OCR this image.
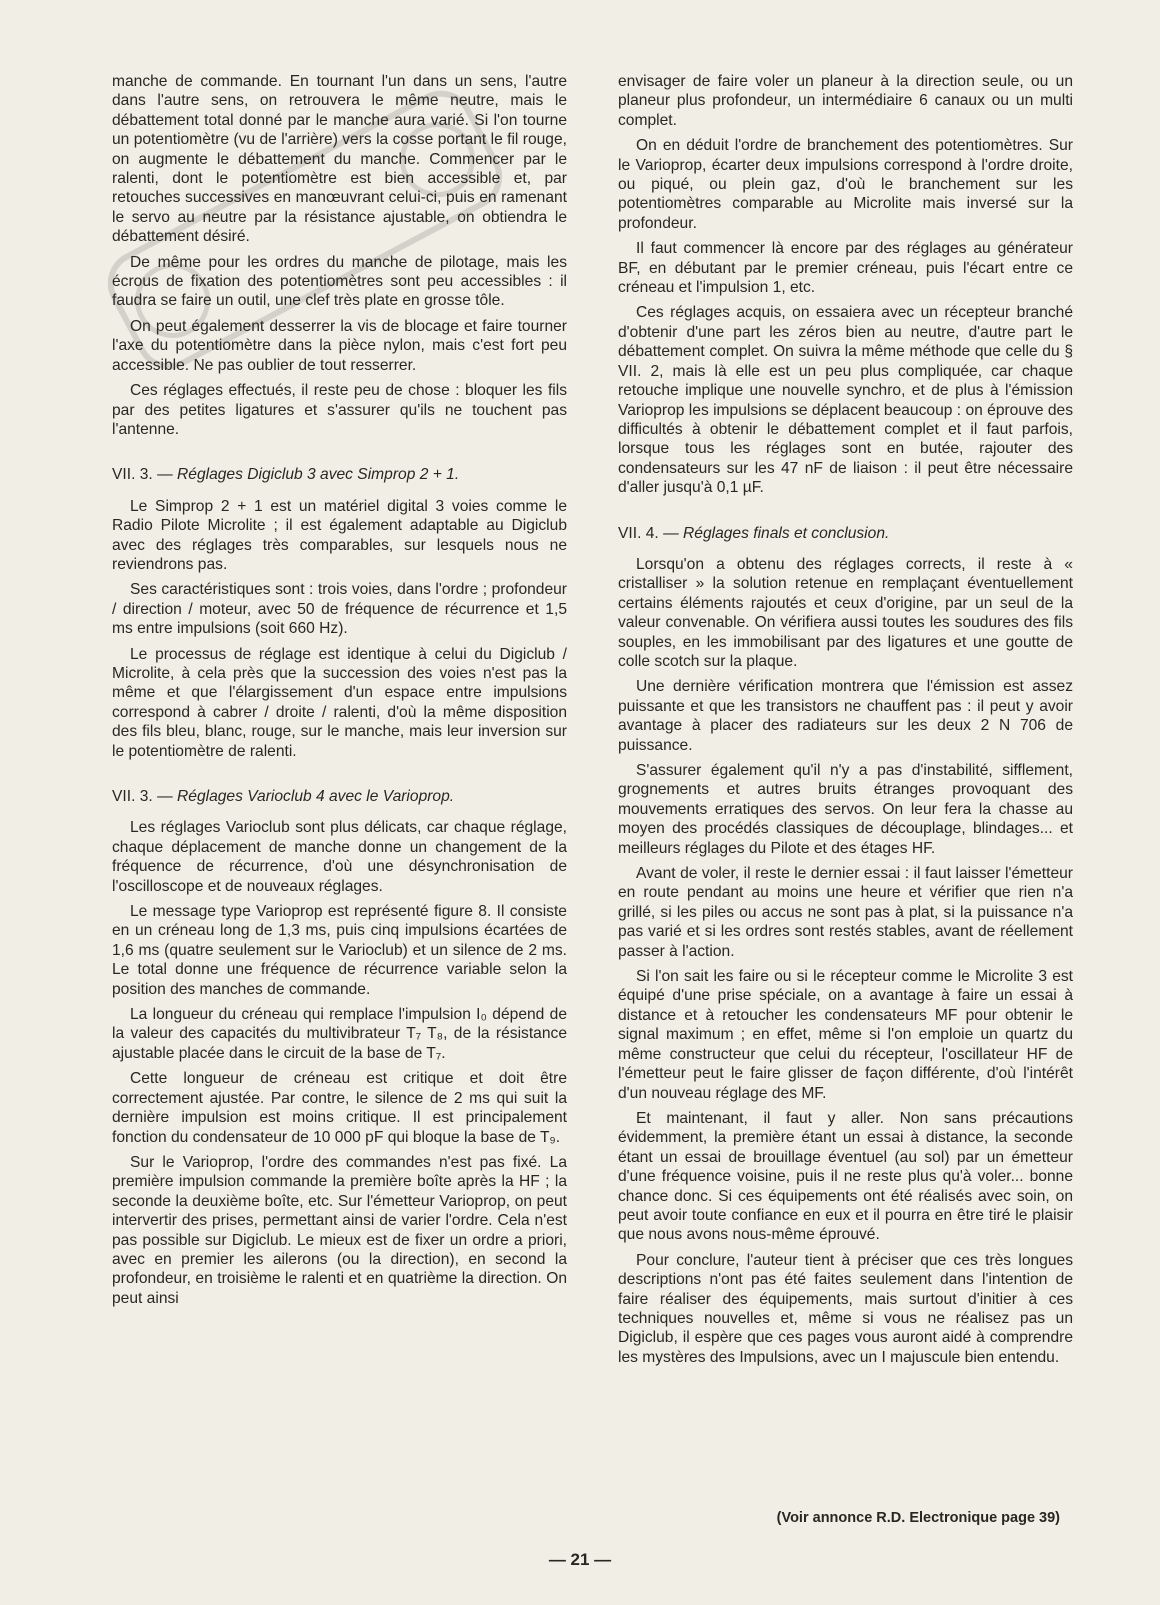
manche de commande. En tournant l'un dans un sens, l'autre dans l'autre sens, on retrouvera le même neutre, mais le débattement total donné par le manche aura varié. Si l'on tourne un potentiomètre (vu de l'arrière) vers la cosse portant le fil rouge, on augmente le débattement du manche. Commencer par le ralenti, dont le potentiomètre est bien accessible et, par retouches successives en manœuvrant celui-ci, puis en ramenant le servo au neutre par la résistance ajustable, on obtiendra le débattement désiré.

De même pour les ordres du manche de pilotage, mais les écrous de fixation des potentiomètres sont peu accessibles : il faudra se faire un outil, une clef très plate en grosse tôle.

On peut également desserrer la vis de blocage et faire tourner l'axe du potentiomètre dans la pièce nylon, mais c'est fort peu accessible. Ne pas oublier de tout resserrer.

Ces réglages effectués, il reste peu de chose : bloquer les fils par des petites ligatures et s'assurer qu'ils ne touchent pas l'antenne.

VII. 3. — Réglages Digiclub 3 avec Simprop 2 + 1.

Le Simprop 2 + 1 est un matériel digital 3 voies comme le Radio Pilote Microlite ; il est également adaptable au Digiclub avec des réglages très comparables, sur lesquels nous ne reviendrons pas.

Ses caractéristiques sont : trois voies, dans l'ordre ; profondeur / direction / moteur, avec 50 de fréquence de récurrence et 1,5 ms entre impulsions (soit 660 Hz).

Le processus de réglage est identique à celui du Digiclub / Microlite, à cela près que la succession des voies n'est pas la même et que l'élargissement d'un espace entre impulsions correspond à cabrer / droite / ralenti, d'où la même disposition des fils bleu, blanc, rouge, sur le manche, mais leur inversion sur le potentiomètre de ralenti.

VII. 3. — Réglages Varioclub 4 avec le Varioprop.

Les réglages Varioclub sont plus délicats, car chaque réglage, chaque déplacement de manche donne un changement de la fréquence de récurrence, d'où une désynchronisation de l'oscilloscope et de nouveaux réglages.

Le message type Varioprop est représenté figure 8. Il consiste en un créneau long de 1,3 ms, puis cinq impulsions écartées de 1,6 ms (quatre seulement sur le Varioclub) et un silence de 2 ms. Le total donne une fréquence de récurrence variable selon la position des manches de commande.

La longueur du créneau qui remplace l'impulsion I₀ dépend de la valeur des capacités du multivibrateur T₇ T₈, de la résistance ajustable placée dans le circuit de la base de T₇.

Cette longueur de créneau est critique et doit être correctement ajustée. Par contre, le silence de 2 ms qui suit la dernière impulsion est moins critique. Il est principalement fonction du condensateur de 10 000 pF qui bloque la base de T₉.

Sur le Varioprop, l'ordre des commandes n'est pas fixé. La première impulsion commande la première boîte après la HF ; la seconde la deuxième boîte, etc. Sur l'émetteur Varioprop, on peut intervertir des prises, permettant ainsi de varier l'ordre. Cela n'est pas possible sur Digiclub. Le mieux est de fixer un ordre a priori, avec en premier les ailerons (ou la direction), en second la profondeur, en troisième le ralenti et en quatrième la direction. On peut ainsi

envisager de faire voler un planeur à la direction seule, ou un planeur plus profondeur, un intermédiaire 6 canaux ou un multi complet.

On en déduit l'ordre de branchement des potentiomètres. Sur le Varioprop, écarter deux impulsions correspond à l'ordre droite, ou piqué, ou plein gaz, d'où le branchement sur les potentiomètres comparable au Microlite mais inversé sur la profondeur.

Il faut commencer là encore par des réglages au générateur BF, en débutant par le premier créneau, puis l'écart entre ce créneau et l'impulsion 1, etc.

Ces réglages acquis, on essaiera avec un récepteur branché d'obtenir d'une part les zéros bien au neutre, d'autre part le débattement complet. On suivra la même méthode que celle du § VII. 2, mais là elle est un peu plus compliquée, car chaque retouche implique une nouvelle synchro, et de plus à l'émission Varioprop les impulsions se déplacent beaucoup : on éprouve des difficultés à obtenir le débattement complet et il faut parfois, lorsque tous les réglages sont en butée, rajouter des condensateurs sur les 47 nF de liaison : il peut être nécessaire d'aller jusqu'à 0,1 µF.

VII. 4. — Réglages finals et conclusion.

Lorsqu'on a obtenu des réglages corrects, il reste à « cristalliser » la solution retenue en remplaçant éventuellement certains éléments rajoutés et ceux d'origine, par un seul de la valeur convenable. On vérifiera aussi toutes les soudures des fils souples, en les immobilisant par des ligatures et une goutte de colle scotch sur la plaque.

Une dernière vérification montrera que l'émission est assez puissante et que les transistors ne chauffent pas : il peut y avoir avantage à placer des radiateurs sur les deux 2 N 706 de puissance.

S'assurer également qu'il n'y a pas d'instabilité, sifflement, grognements et autres bruits étranges provoquant des mouvements erratiques des servos. On leur fera la chasse au moyen des procédés classiques de découplage, blindages... et meilleurs réglages du Pilote et des étages HF.

Avant de voler, il reste le dernier essai : il faut laisser l'émetteur en route pendant au moins une heure et vérifier que rien n'a grillé, si les piles ou accus ne sont pas à plat, si la puissance n'a pas varié et si les ordres sont restés stables, avant de réellement passer à l'action.

Si l'on sait les faire ou si le récepteur comme le Microlite 3 est équipé d'une prise spéciale, on a avantage à faire un essai à distance et à retoucher les condensateurs MF pour obtenir le signal maximum ; en effet, même si l'on emploie un quartz du même constructeur que celui du récepteur, l'oscillateur HF de l'émetteur peut le faire glisser de façon différente, d'où l'intérêt d'un nouveau réglage des MF.

Et maintenant, il faut y aller. Non sans précautions évidemment, la première étant un essai à distance, la seconde étant un essai de brouillage éventuel (au sol) par un émetteur d'une fréquence voisine, puis il ne reste plus qu'à voler... bonne chance donc. Si ces équipements ont été réalisés avec soin, on peut avoir toute confiance en eux et il pourra en être tiré le plaisir que nous avons nous-même éprouvé.

Pour conclure, l'auteur tient à préciser que ces très longues descriptions n'ont pas été faites seulement dans l'intention de faire réaliser des équipements, mais surtout d'initier à ces techniques nouvelles et, même si vous ne réalisez pas un Digiclub, il espère que ces pages vous auront aidé à comprendre les mystères des Impulsions, avec un I majuscule bien entendu.

(Voir annonce R.D. Electronique page 39)
— 21 —
